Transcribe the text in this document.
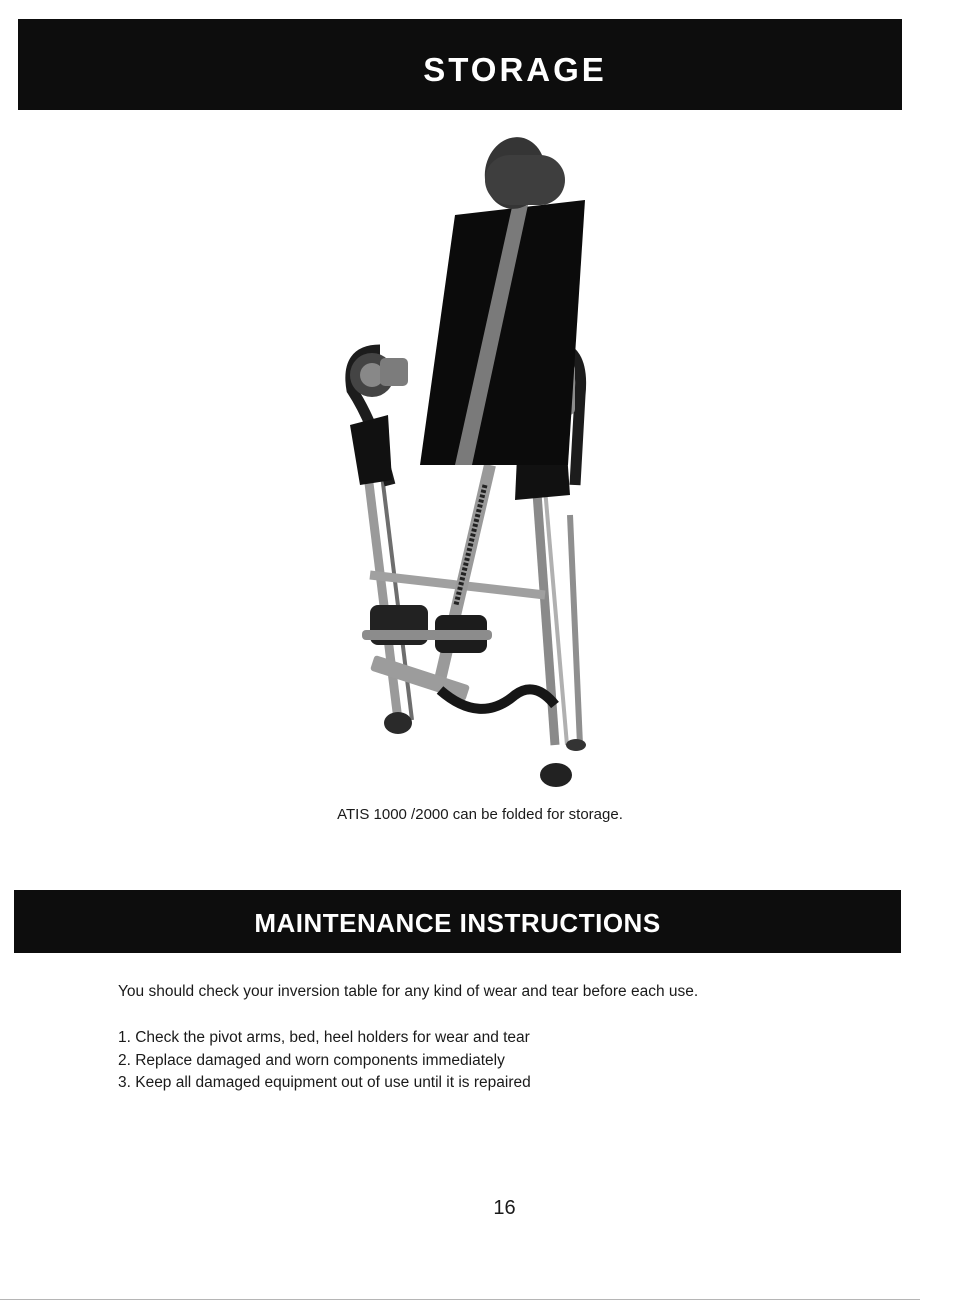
STORAGE
ATIS 1000 /2000 can be folded for storage.
MAINTENANCE INSTRUCTIONS
You should check your inversion table for any kind of wear and tear before each use.
1. Check the pivot arms, bed, heel holders for wear and tear
2. Replace damaged and worn components immediately
3. Keep all damaged equipment out of use until it is repaired
16
